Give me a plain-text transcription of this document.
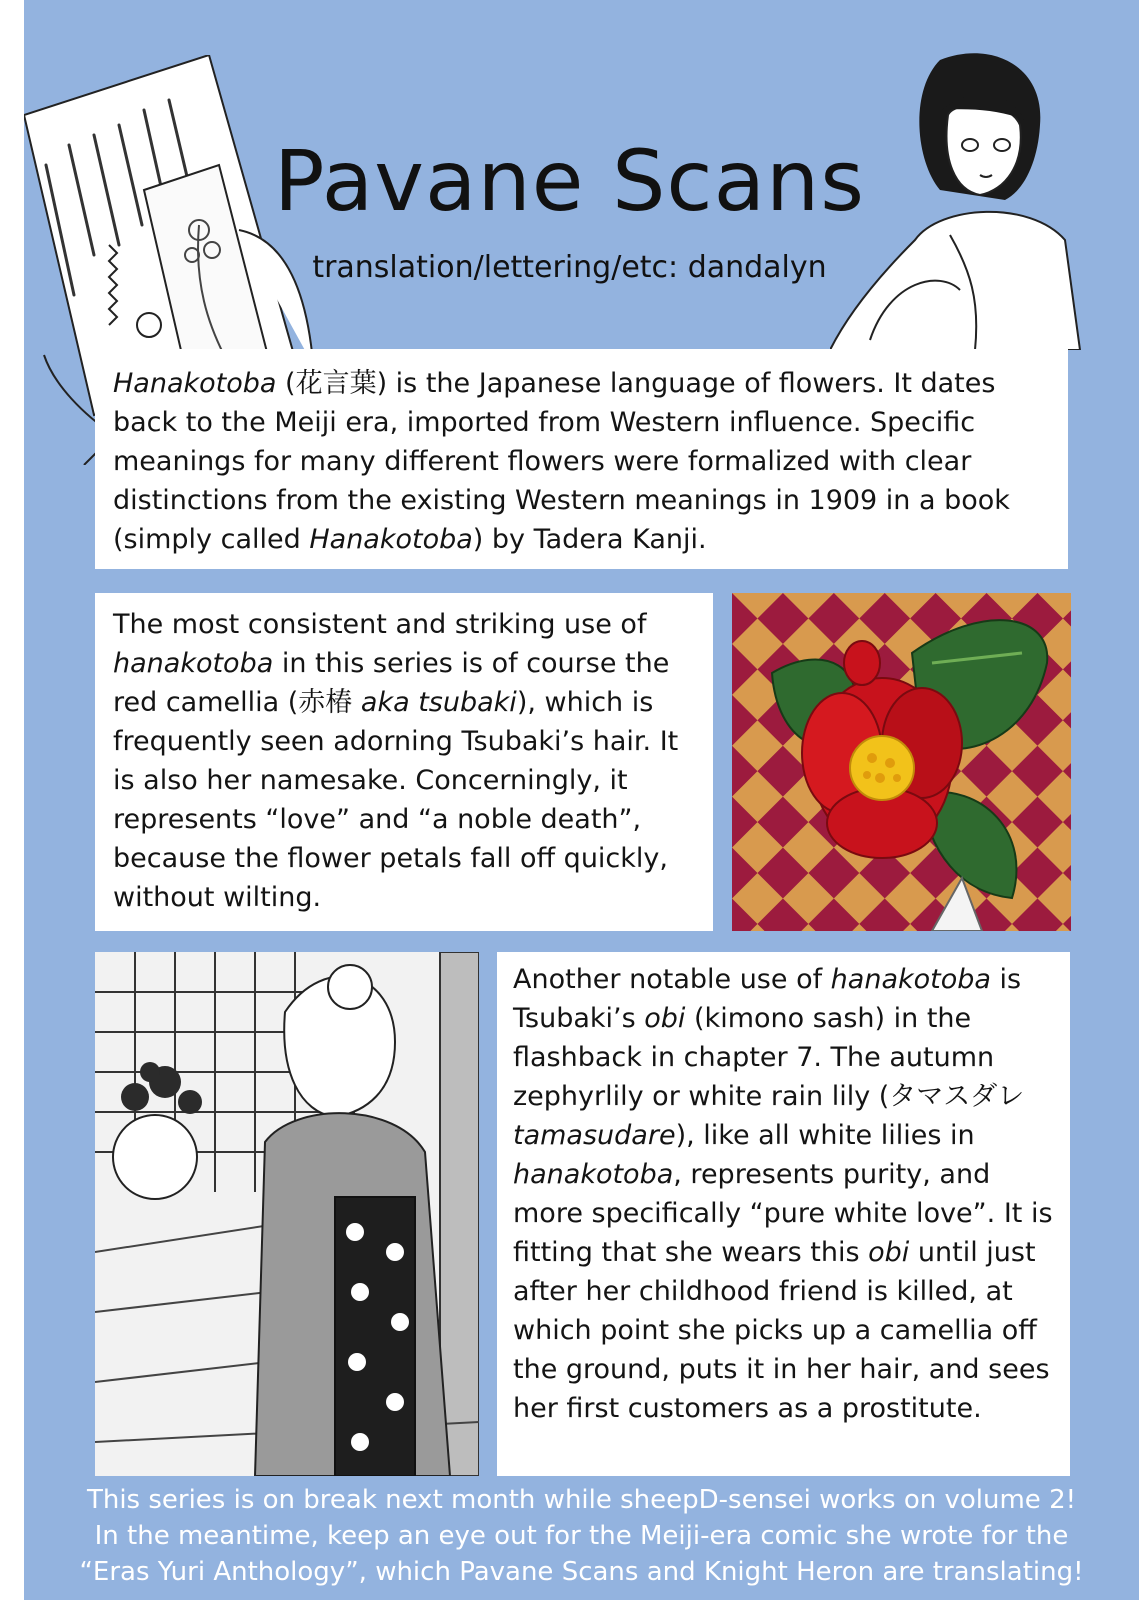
Pavane Scans
translation/lettering/etc: dandalyn

Hanakotoba (花言葉) is the Japanese language of flowers. It dates back to the Meiji era, imported from Western influence. Specific meanings for many different flowers were formalized with clear distinctions from the existing Western meanings in 1909 in a book (simply called Hanakotoba) by Tadera Kanji.

The most consistent and striking use of hanakotoba in this series is of course the red camellia (赤椿 aka tsubaki), which is frequently seen adorning Tsubaki’s hair. It is also her namesake. Concerningly, it represents “love” and “a noble death”, because the flower petals fall off quickly, without wilting.

Another notable use of hanakotoba is Tsubaki’s obi (kimono sash) in the flashback in chapter 7. The autumn zephyrlily or white rain lily (タマスダレ tamasudare), like all white lilies in hanakotoba, represents purity, and more specifically “pure white love”. It is fitting that she wears this obi until just after her childhood friend is killed, at which point she picks up a camellia off the ground, puts it in her hair, and sees her first customers as a prostitute.

This series is on break next month while sheepD-sensei works on volume 2!
In the meantime, keep an eye out for the Meiji-era comic she wrote for the
“Eras Yuri Anthology”, which Pavane Scans and Knight Heron are translating!
